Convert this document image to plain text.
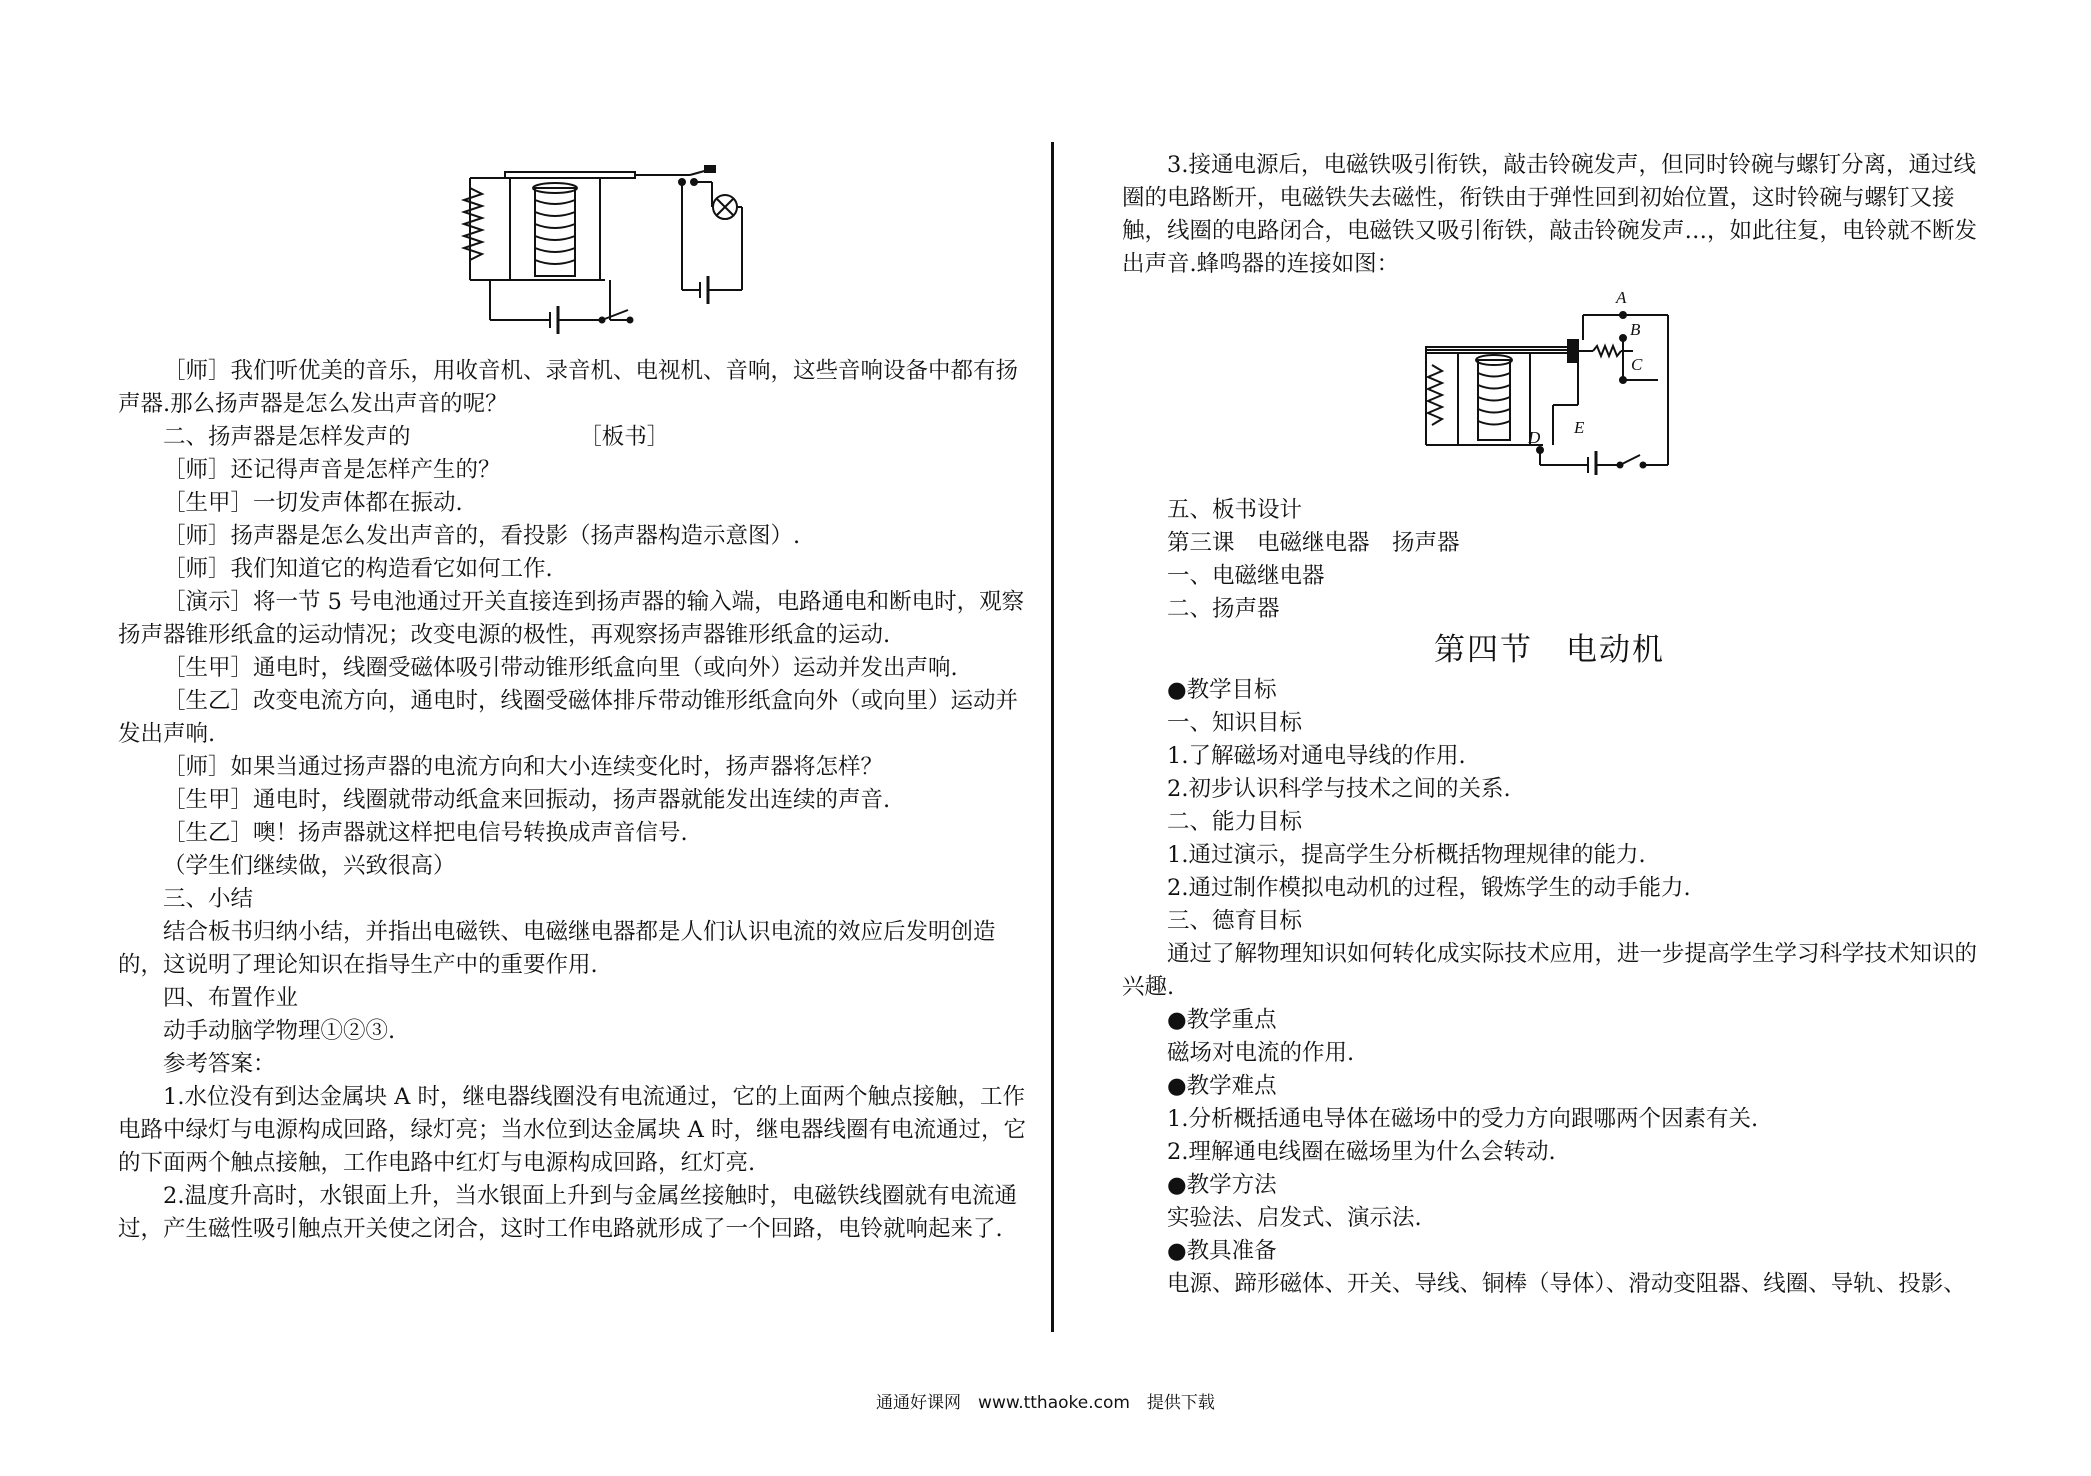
［师］我们听优美的音乐，用收音机、录音机、电视机、音响，这些音响设备中都有扬声器.那么扬声器是怎么发出声音的呢？

二、扬声器是怎样发声的　　　　　　　　［板书］

［师］还记得声音是怎样产生的？

［生甲］一切发声体都在振动.

［师］扬声器是怎么发出声音的，看投影（扬声器构造示意图）.

［师］我们知道它的构造看它如何工作.

［演示］将一节 5 号电池通过开关直接连到扬声器的输入端，电路通电和断电时，观察扬声器锥形纸盒的运动情况；改变电源的极性，再观察扬声器锥形纸盒的运动.

［生甲］通电时，线圈受磁体吸引带动锥形纸盒向里（或向外）运动并发出声响.

［生乙］改变电流方向，通电时，线圈受磁体排斥带动锥形纸盒向外（或向里）运动并发出声响.

［师］如果当通过扬声器的电流方向和大小连续变化时，扬声器将怎样？

［生甲］通电时，线圈就带动纸盒来回振动，扬声器就能发出连续的声音.

［生乙］噢！扬声器就这样把电信号转换成声音信号.

（学生们继续做，兴致很高）

三、小结

结合板书归纳小结，并指出电磁铁、电磁继电器都是人们认识电流的效应后发明创造的，这说明了理论知识在指导生产中的重要作用.

四、布置作业

动手动脑学物理①②③.

参考答案：

1.水位没有到达金属块 A 时，继电器线圈没有电流通过，它的上面两个触点接触，工作电路中绿灯与电源构成回路，绿灯亮；当水位到达金属块 A 时，继电器线圈有电流通过，它的下面两个触点接触，工作电路中红灯与电源构成回路，红灯亮.

2.温度升高时，水银面上升，当水银面上升到与金属丝接触时，电磁铁线圈就有电流通过，产生磁性吸引触点开关使之闭合，这时工作电路就形成了一个回路，电铃就响起来了.

3.接通电源后，电磁铁吸引衔铁，敲击铃碗发声，但同时铃碗与螺钉分离，通过线圈的电路断开，电磁铁失去磁性，衔铁由于弹性回到初始位置，这时铃碗与螺钉又接触，线圈的电路闭合，电磁铁又吸引衔铁，敲击铃碗发声…，如此往复，电铃就不断发出声音.蜂鸣器的连接如图：

A
B
C
D
E

五、板书设计

第三课　电磁继电器　扬声器

一、电磁继电器

二、扬声器

第四节　电动机

●教学目标

一、知识目标

1.了解磁场对通电导线的作用.

2.初步认识科学与技术之间的关系.

二、能力目标

1.通过演示，提高学生分析概括物理规律的能力.

2.通过制作模拟电动机的过程，锻炼学生的动手能力.

三、德育目标

通过了解物理知识如何转化成实际技术应用，进一步提高学生学习科学技术知识的兴趣.

●教学重点

磁场对电流的作用.

●教学难点

1.分析概括通电导体在磁场中的受力方向跟哪两个因素有关.

2.理解通电线圈在磁场里为什么会转动.

●教学方法

实验法、启发式、演示法.

●教具准备

电源、蹄形磁体、开关、导线、铜棒（导体）、滑动变阻器、线圈、导轨、投影、

通通好课网　www.tthaoke.com　提供下载
